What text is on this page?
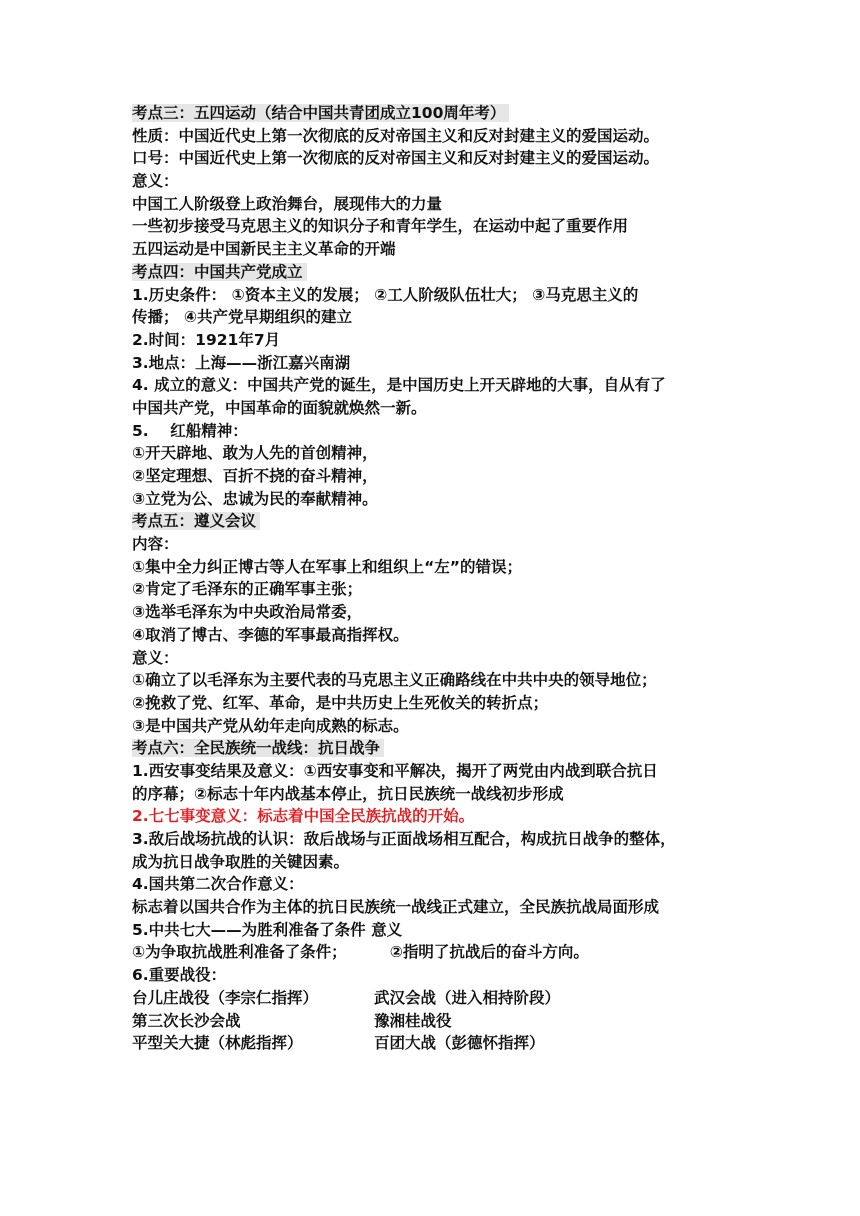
考点三：五四运动（结合中国共青团成立100周年考）
性质：中国近代史上第一次彻底的反对帝国主义和反对封建主义的爱国运动。
口号：中国近代史上第一次彻底的反对帝国主义和反对封建主义的爱国运动。
意义：
中国工人阶级登上政治舞台，展现伟大的力量
一些初步接受马克思主义的知识分子和青年学生，在运动中起了重要作用
五四运动是中国新民主主义革命的开端
考点四：中国共产党成立
1.历史条件： ①资本主义的发展； ②工人阶级队伍壮大； ③马克思主义的
传播； ④共产党早期组织的建立
2.时间：1921年7月
3.地点：上海——浙江嘉兴南湖
4. 成立的意义：中国共产党的诞生，是中国历史上开天辟地的大事，自从有了
中国共产党，中国革命的面貌就焕然一新。
5.    红船精神：
①开天辟地、敢为人先的首创精神，
②坚定理想、百折不挠的奋斗精神，
③立党为公、忠诚为民的奉献精神。
考点五：遵义会议
内容：
①集中全力纠正博古等人在军事上和组织上“左”的错误；
②肯定了毛泽东的正确军事主张；
③选举毛泽东为中央政治局常委，
④取消了博古、李德的军事最高指挥权。
意义：
①确立了以毛泽东为主要代表的马克思主义正确路线在中共中央的领导地位；
②挽救了党、红军、革命，是中共历史上生死攸关的转折点；
③是中国共产党从幼年走向成熟的标志。
考点六：全民族统一战线：抗日战争
1.西安事变结果及意义：①西安事变和平解决，揭开了两党由内战到联合抗日
的序幕；②标志十年内战基本停止，抗日民族统一战线初步形成
2.七七事变意义：标志着中国全民族抗战的开始。
3.敌后战场抗战的认识：敌后战场与正面战场相互配合，构成抗日战争的整体，
成为抗日战争取胜的关键因素。
4.国共第二次合作意义：
标志着以国共合作为主体的抗日民族统一战线正式建立，全民族抗战局面形成
5.中共七大——为胜利准备了条件 意义
①为争取抗战胜利准备了条件；        ②指明了抗战后的奋斗方向。
6.重要战役：
台儿庄战役（李宗仁指挥）	武汉会战（进入相持阶段）
第三次长沙会战	豫湘桂战役
平型关大捷（林彪指挥）	百团大战（彭德怀指挥）
